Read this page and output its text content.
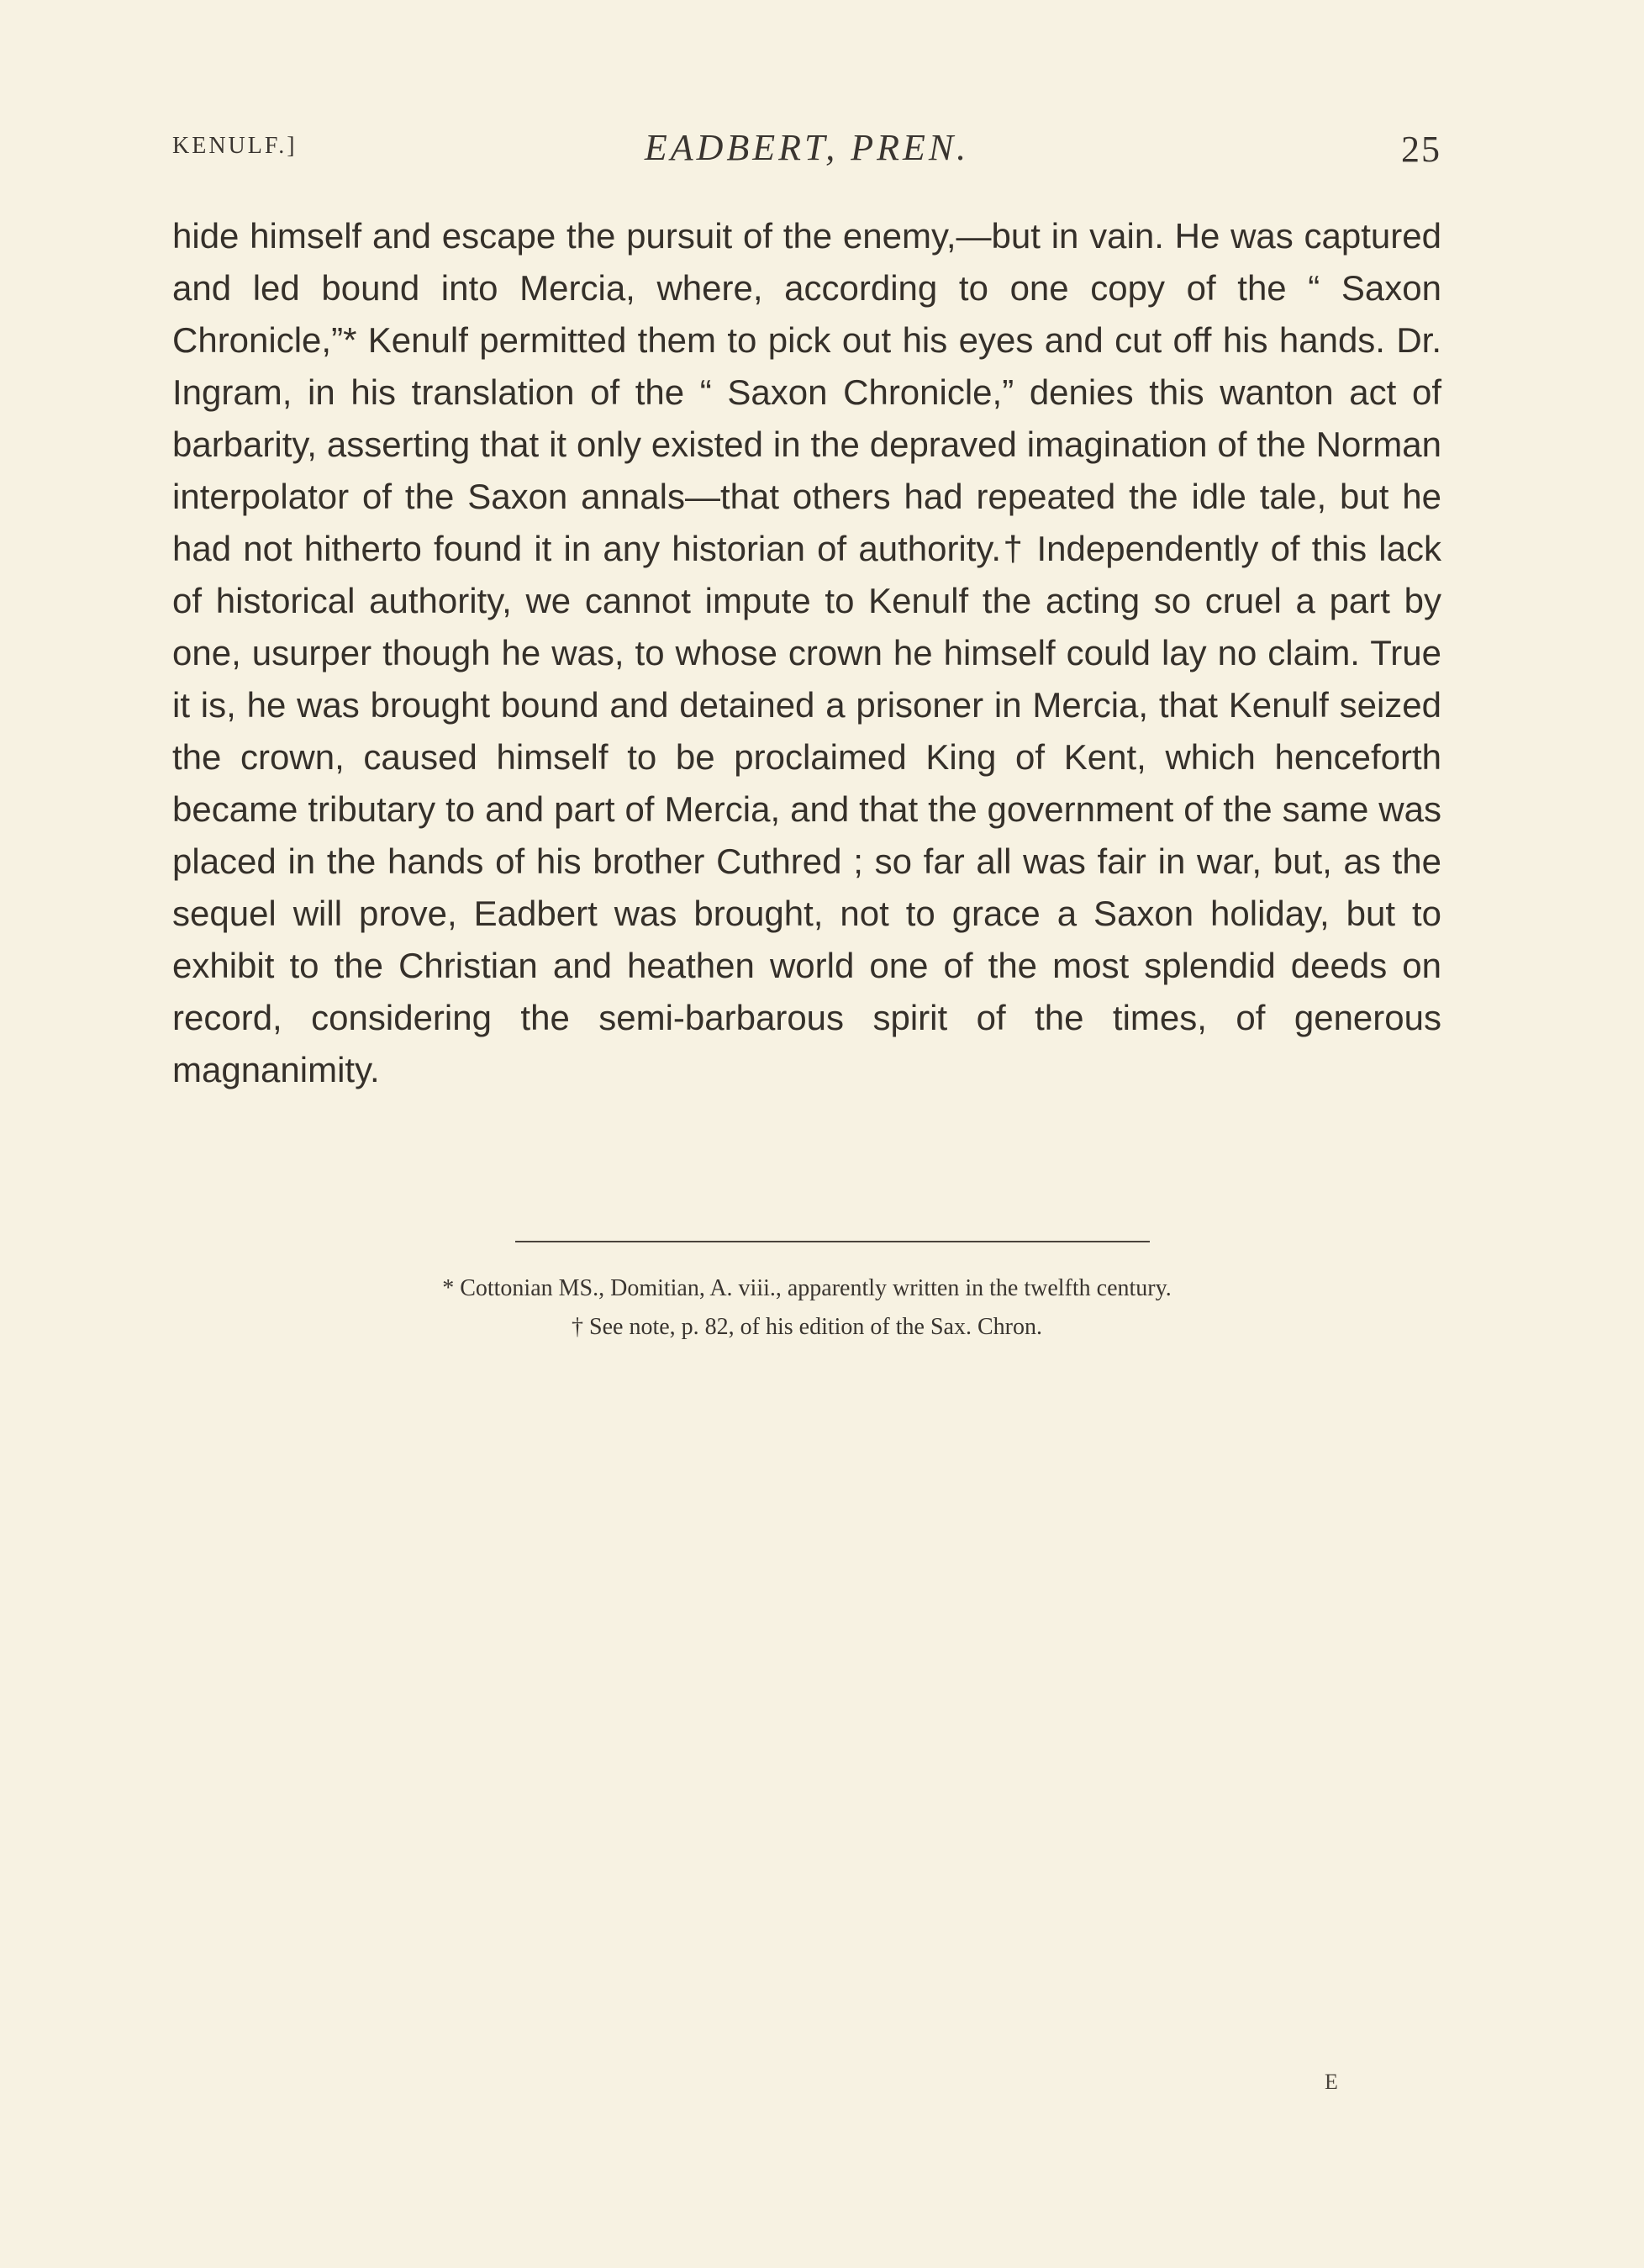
KENULF.]	EADBERT, PREN.	25

hide himself and escape the pursuit of the enemy,—but in vain. He was captured and led bound into Mercia, where, according to one copy of the “ Saxon Chronicle,”* Kenulf permitted them to pick out his eyes and cut off his hands. Dr. Ingram, in his translation of the “ Saxon Chronicle,” denies this wanton act of barbarity, asserting that it only existed in the depraved imagination of the Norman interpolator of the Saxon annals—that others had repeated the idle tale, but he had not hitherto found it in any historian of authority.† Independently of this lack of historical authority, we cannot impute to Kenulf the acting so cruel a part by one, usurper though he was, to whose crown he himself could lay no claim. True it is, he was brought bound and detained a prisoner in Mercia, that Kenulf seized the crown, caused himself to be proclaimed King of Kent, which henceforth became tributary to and part of Mercia, and that the government of the same was placed in the hands of his brother Cuthred ; so far all was fair in war, but, as the sequel will prove, Eadbert was brought, not to grace a Saxon holiday, but to exhibit to the Christian and heathen world one of the most splendid deeds on record, considering the semi-barbarous spirit of the times, of generous magnanimity.

* Cottonian MS., Domitian, A. viii., apparently written in the twelfth century.
† See note, p. 82, of his edition of the Sax. Chron.
E
